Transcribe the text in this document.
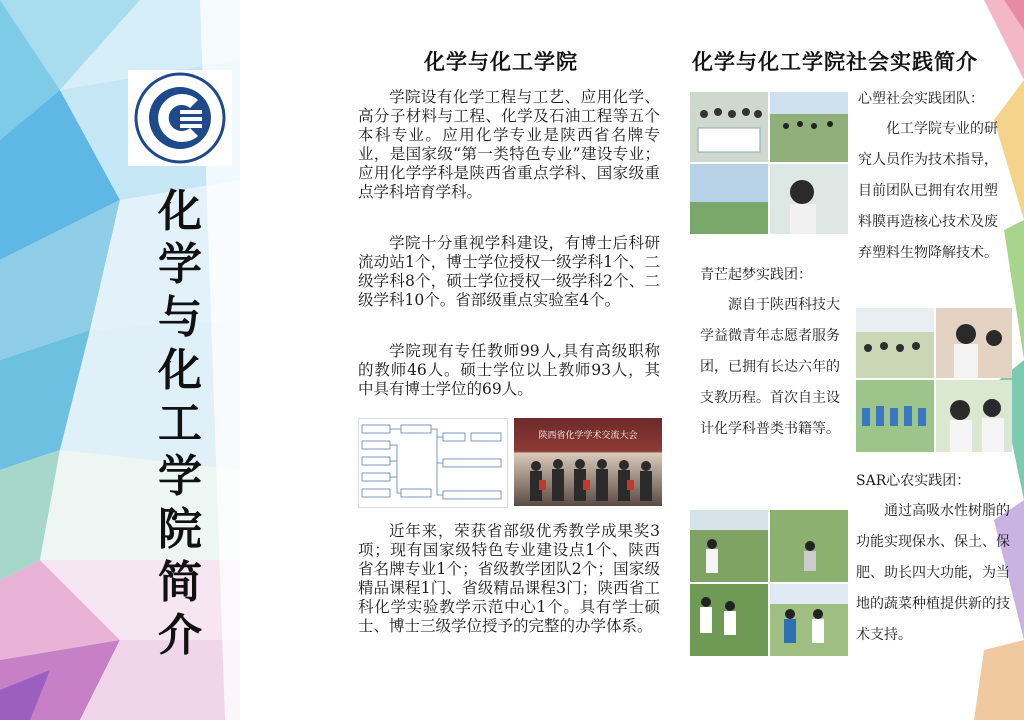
化
学
与
化
工
学
院
简
介
化学与化工学院
学院设有化学工程与工艺、应用化学、高分子材料与工程、化学及石油工程等五个本科专业。应用化学专业是陕西省名牌专业，是国家级“第一类特色专业”建设专业；应用化学学科是陕西省重点学科、国家级重点学科培育学科。
学院十分重视学科建设，有博士后科研流动站1个，博士学位授权一级学科1个、二级学科8个，硕士学位授权一级学科2个、二级学科10个。省部级重点实验室4个。
学院现有专任教师99人,具有高级职称的教师46人。硕士学位以上教师93人，其中具有博士学位的69人。
陕西省化学学术交流大会
近年来，荣获省部级优秀教学成果奖3项；现有国家级特色专业建设点1个、陕西省名牌专业1个；省级教学团队2个；国家级精品课程1门、省级精品课程3门；陕西省工科化学实验教学示范中心1个。具有学士硕士、博士三级学位授予的完整的办学体系。
化学与化工学院社会实践简介
心塑社会实践团队：
化工学院专业的研究人员作为技术指导，目前团队已拥有农用塑料膜再造核心技术及废弃塑料生物降解技术。
青芒起梦实践团：
源自于陕西科技大学益微青年志愿者服务团，已拥有长达六年的支教历程。首次自主设计化学科普类书籍等。
SAR心农实践团：
通过高吸水性树脂的功能实现保水、保土、保肥、助长四大功能，为当地的蔬菜种植提供新的技术支持。
